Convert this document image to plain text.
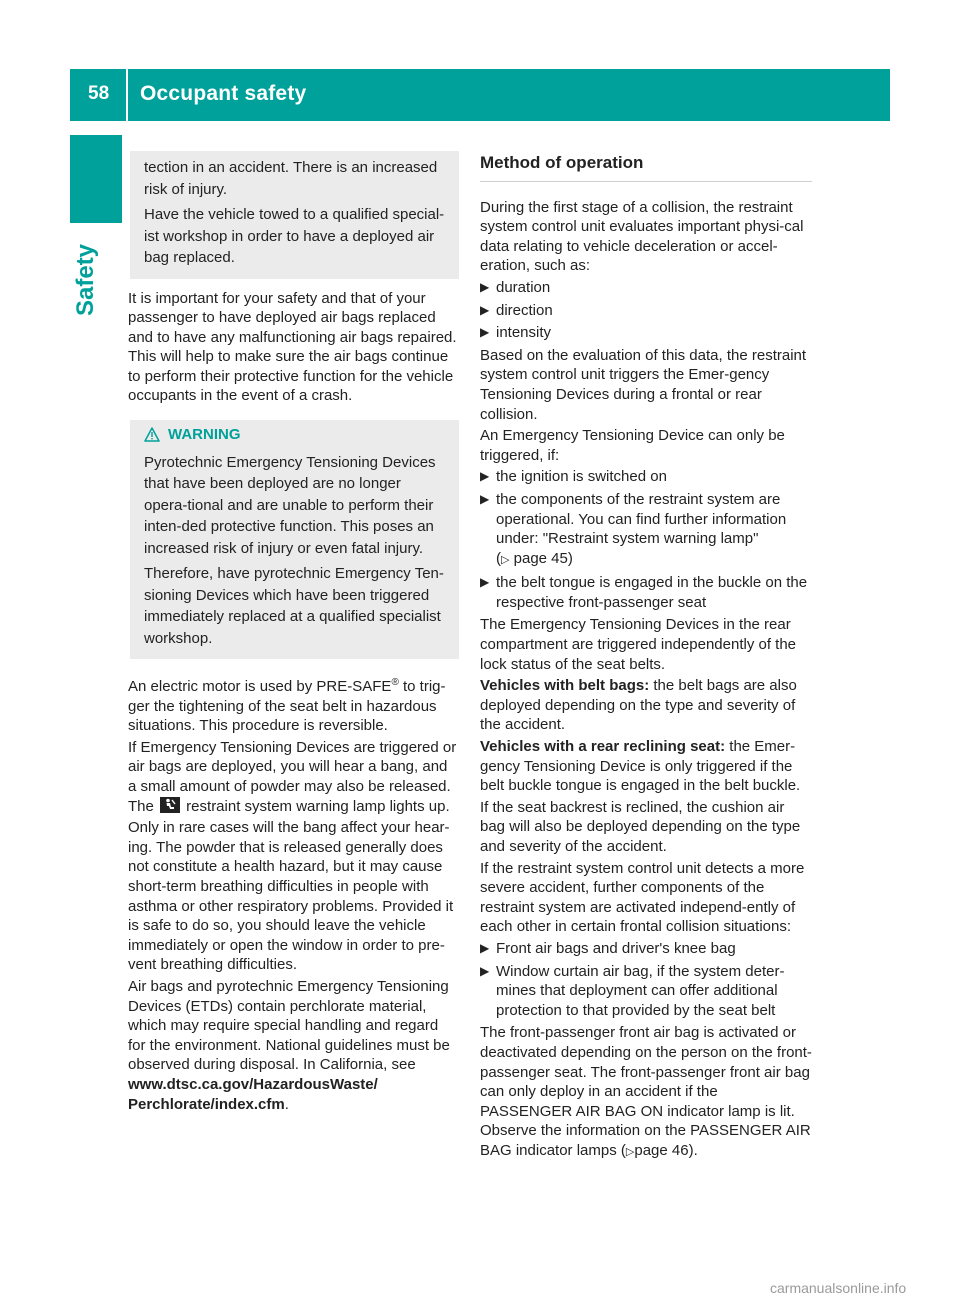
58 Occupant safety
Safety

tection in an accident. There is an increased risk of injury.

Have the vehicle towed to a qualified special-ist workshop in order to have a deployed air bag replaced.

It is important for your safety and that of your passenger to have deployed air bags replaced and to have any malfunctioning air bags repaired. This will help to make sure the air bags continue to perform their protective function for the vehicle occupants in the event of a crash.

WARNING

Pyrotechnic Emergency Tensioning Devices that have been deployed are no longer opera-tional and are unable to perform their inten-ded protective function. This poses an increased risk of injury or even fatal injury.

Therefore, have pyrotechnic Emergency Ten-sioning Devices which have been triggered immediately replaced at a qualified specialist workshop.

An electric motor is used by PRE-SAFE® to trig-ger the tightening of the seat belt in hazardous situations. This procedure is reversible.

If Emergency Tensioning Devices are triggered or air bags are deployed, you will hear a bang, and a small amount of powder may also be released. The
restraint system warning lamp lights up.

Only in rare cases will the bang affect your hear-ing. The powder that is released generally does not constitute a health hazard, but it may cause short-term breathing difficulties in people with asthma or other respiratory problems. Provided it is safe to do so, you should leave the vehicle immediately or open the window in order to pre-vent breathing difficulties.

Air bags and pyrotechnic Emergency Tensioning Devices (ETDs) contain perchlorate material, which may require special handling and regard for the environment. National guidelines must be observed during disposal. In California, see www.dtsc.ca.gov/HazardousWaste/ Perchlorate/index.cfm.

Method of operation

During the first stage of a collision, the restraint system control unit evaluates important physi-cal data relating to vehicle deceleration or accel-eration, such as:

▶ duration
▶ direction
▶ intensity

Based on the evaluation of this data, the restraint system control unit triggers the Emer-gency Tensioning Devices during a frontal or rear collision.

An Emergency Tensioning Device can only be triggered, if:

▶ the ignition is switched on
▶ the components of the restraint system are operational. You can find further information under: "Restraint system warning lamp"
(▷ page 45)
▶ the belt tongue is engaged in the buckle on the respective front-passenger seat

The Emergency Tensioning Devices in the rear compartment are triggered independently of the lock status of the seat belts.

Vehicles with belt bags: the belt bags are also deployed depending on the type and severity of the accident.

Vehicles with a rear reclining seat: the Emer-gency Tensioning Device is only triggered if the belt buckle tongue is engaged in the belt buckle.

If the seat backrest is reclined, the cushion air bag will also be deployed depending on the type and severity of the accident.

If the restraint system control unit detects a more severe accident, further components of the restraint system are activated independ-ently of each other in certain frontal collision situations:

▶ Front air bags and driver's knee bag
▶ Window curtain air bag, if the system deter-mines that deployment can offer additional protection to that provided by the seat belt

The front-passenger front air bag is activated or deactivated depending on the person on the front-passenger seat. The front-passenger front air bag can only deploy in an accident if the PASSENGER AIR BAG ON indicator lamp is lit. Observe the information on the PASSENGER AIR BAG indicator lamps (▷page 46).

carmanualsonline.info
